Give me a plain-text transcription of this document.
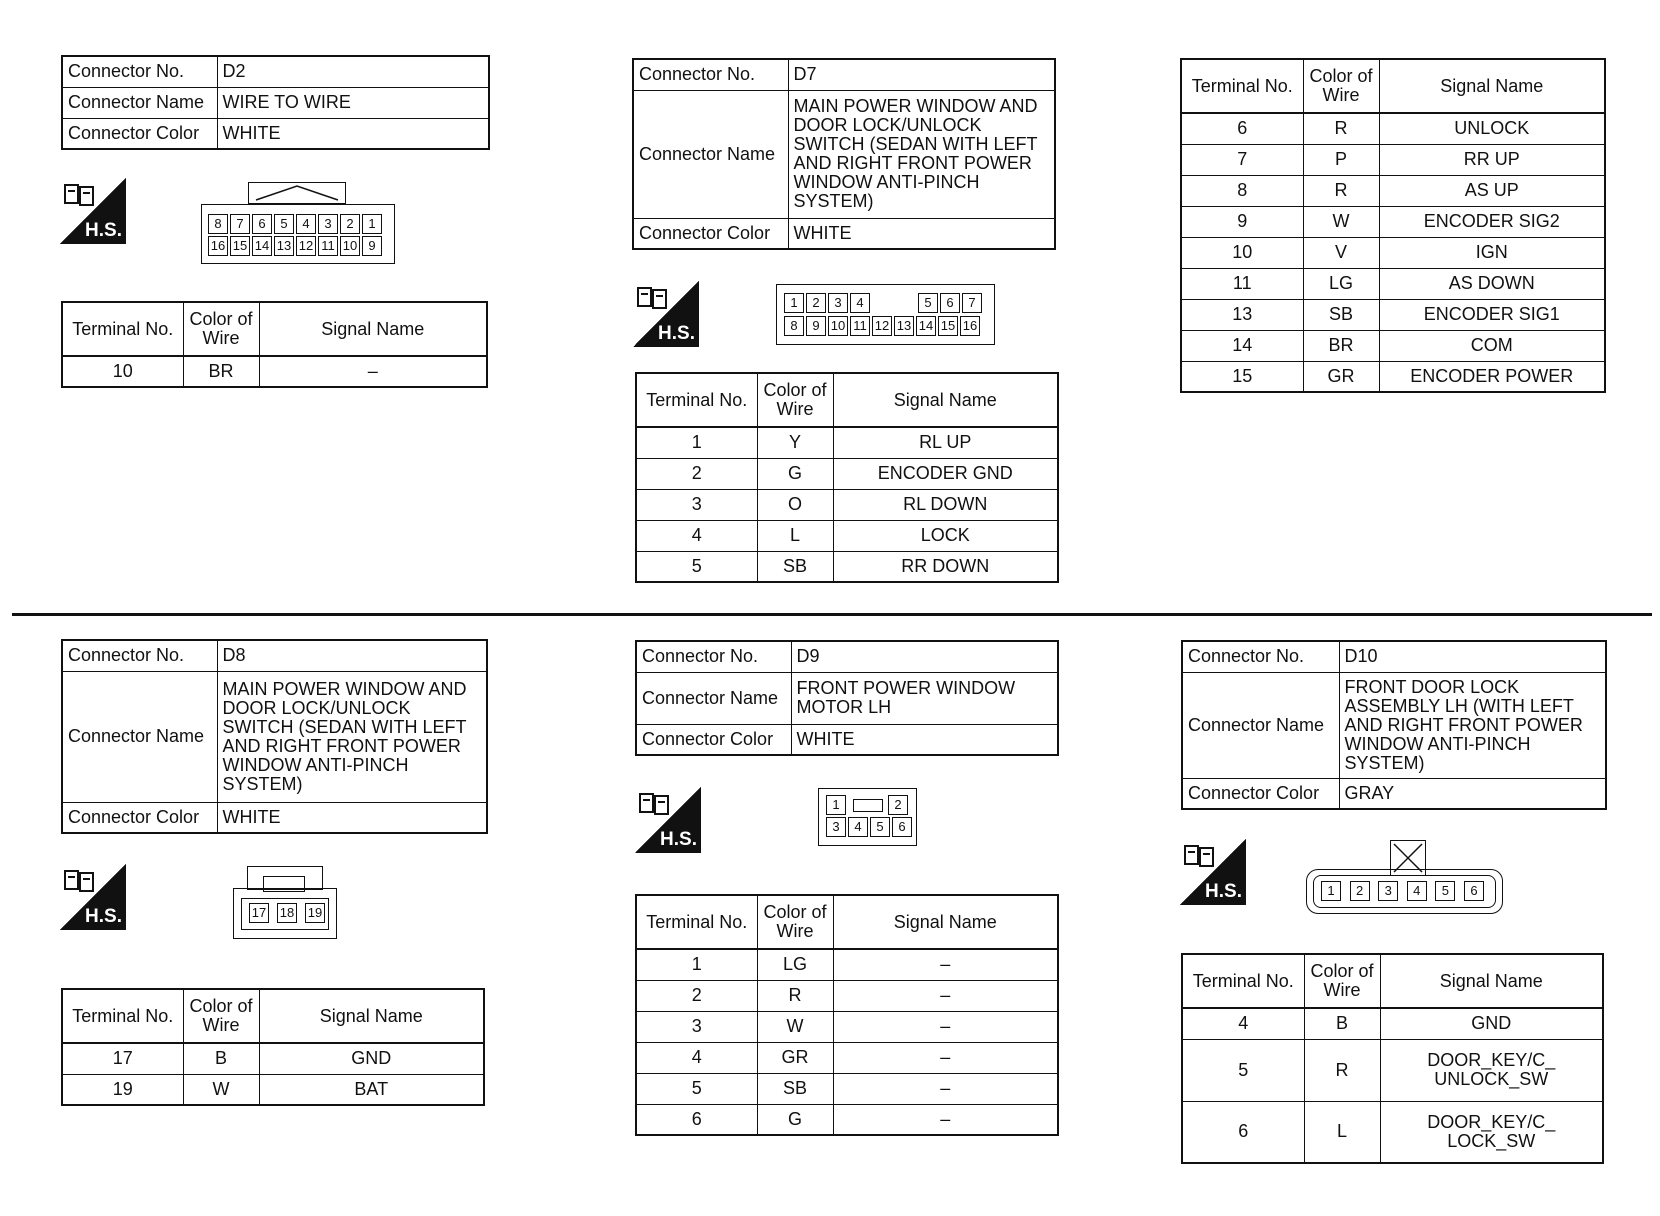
Connector No.	D2
Connector Name	WIRE TO WIRE
Connector Color	WHITE
H.S.	8	7	6	5	4	3	2	1
16 15 14 13 12 11 10 9
Terminal No.	Color of Wire	Signal Name
10	BR	–
Connector No.	D7
Connector Name	MAIN POWER WINDOW AND DOOR LOCK/UNLOCK SWITCH (SEDAN WITH LEFT AND RIGHT FRONT POWER WINDOW ANTI-PINCH SYSTEM)
Connector Color	WHITE
H.S.
1	2	3	4	5	6	7
8	9 10 11 12 13 14 15 16
Terminal No.	Color of Wire	Signal Name
1	Y	RL UP
2	G	ENCODER GND
3	O	RL DOWN
4	L	LOCK
5	SB	RR DOWN
Terminal No.	Color of Wire	Signal Name
6	R	UNLOCK
7	P	RR UP
8	R	AS UP
9	W	ENCODER SIG2
10	V	IGN
11	LG	AS DOWN
13	SB	ENCODER SIG1
14	BR	COM
15	GR	ENCODER POWER
Connector No.	D8
Connector Name	MAIN POWER WINDOW AND DOOR LOCK/UNLOCK SWITCH (SEDAN WITH LEFT AND RIGHT FRONT POWER WINDOW ANTI-PINCH SYSTEM)
Connector Color	WHITE
H.S.	17 18 19
Terminal No.	Color of Wire	Signal Name
17	B	GND
19	W	BAT
Connector No.	D9
Connector Name	FRONT POWER WINDOW MOTOR LH
Connector Color	WHITE
H.S.
1	2
3	4	5	6
Terminal No.	Color of Wire	Signal Name
1	LG	–
2	R	–
3	W	–
4	GR	–
5	SB	–
6	G	–
Connector No.	D10
Connector Name	FRONT DOOR LOCK ASSEMBLY LH (WITH LEFT AND RIGHT FRONT POWER WINDOW ANTI-PINCH SYSTEM)
Connector Color	GRAY
H.S.	1	2	3	4	5	6
Terminal No.	Color of Wire	Signal Name
4	B	GND
5	R	DOOR_KEY/C_ UNLOCK_SW
6	L	DOOR_KEY/C_ LOCK_SW
